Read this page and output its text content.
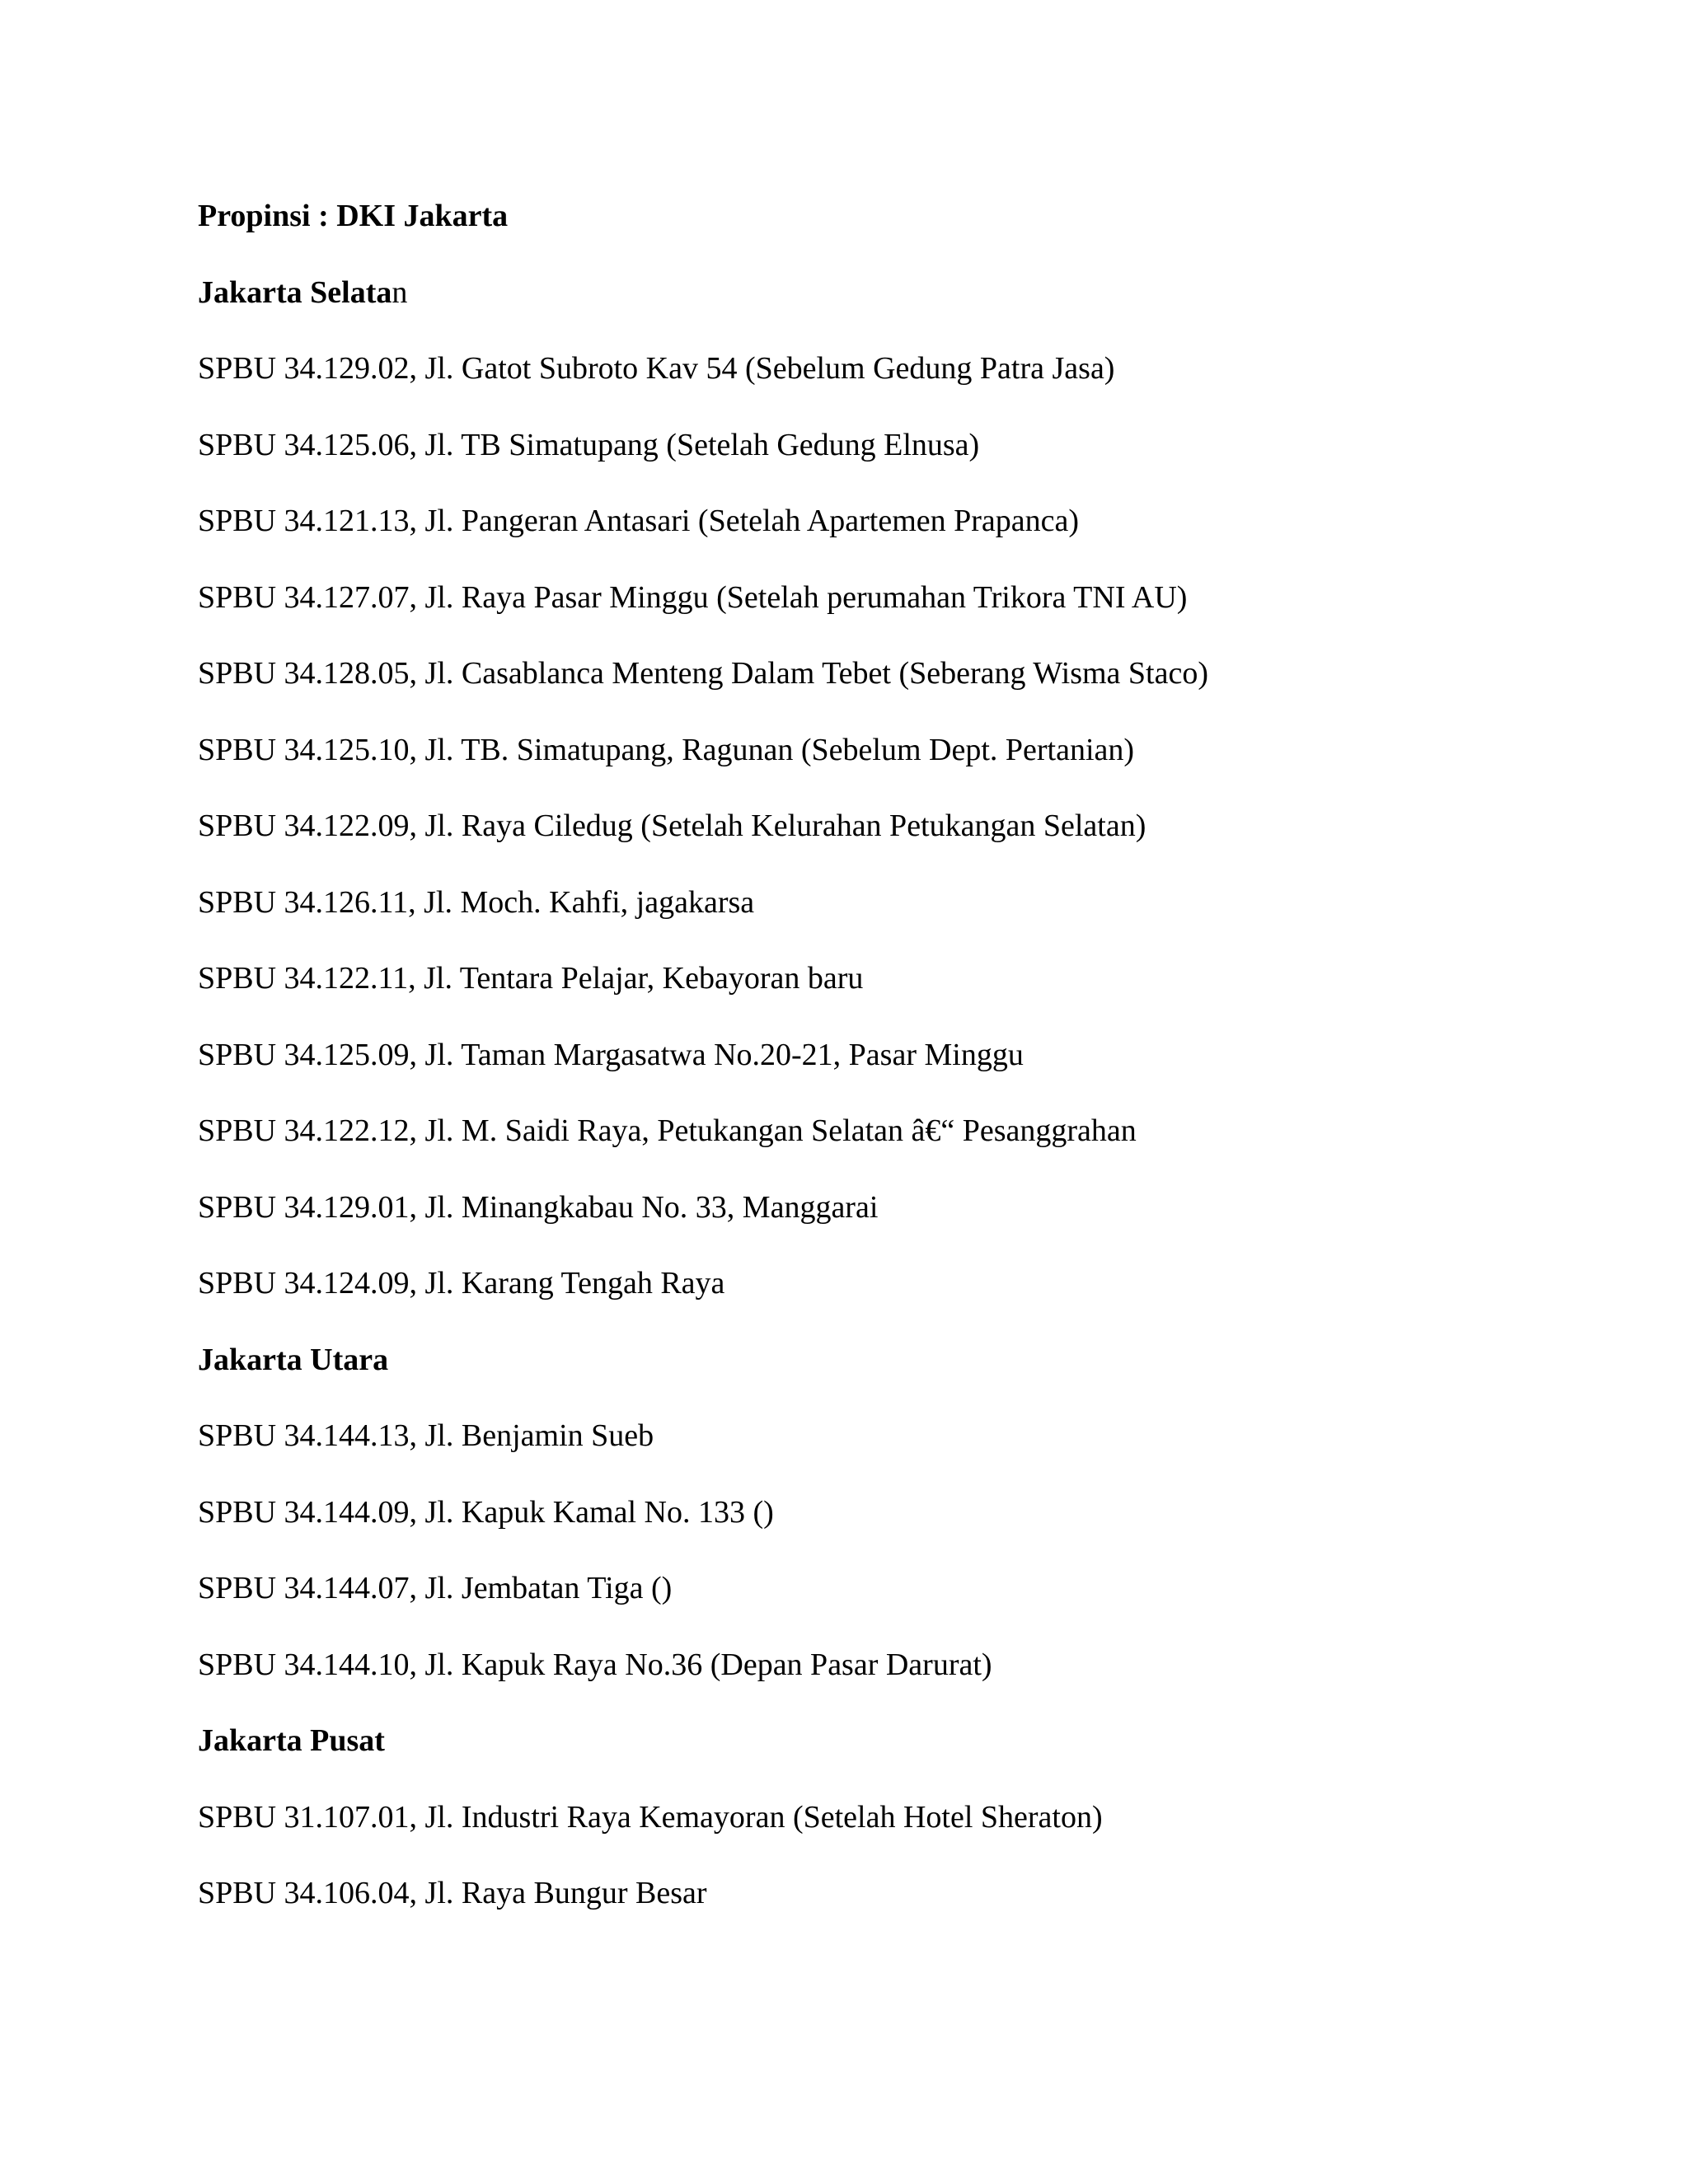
Propinsi : DKI Jakarta
Jakarta Selatan
SPBU 34.129.02, Jl. Gatot Subroto Kav 54 (Sebelum Gedung Patra Jasa)
SPBU 34.125.06, Jl. TB Simatupang (Setelah Gedung Elnusa)
SPBU 34.121.13, Jl. Pangeran Antasari (Setelah Apartemen Prapanca)
SPBU 34.127.07, Jl. Raya Pasar Minggu (Setelah perumahan Trikora TNI AU)
SPBU 34.128.05, Jl. Casablanca Menteng Dalam Tebet (Seberang Wisma Staco)
SPBU 34.125.10, Jl. TB. Simatupang, Ragunan (Sebelum Dept. Pertanian)
SPBU 34.122.09, Jl. Raya Ciledug (Setelah Kelurahan Petukangan Selatan)
SPBU 34.126.11, Jl. Moch. Kahfi, jagakarsa
SPBU 34.122.11, Jl. Tentara Pelajar, Kebayoran baru
SPBU 34.125.09, Jl. Taman Margasatwa No.20-21, Pasar Minggu
SPBU 34.122.12, Jl. M. Saidi Raya, Petukangan Selatan â€“ Pesanggrahan
SPBU 34.129.01, Jl. Minangkabau No. 33, Manggarai
SPBU 34.124.09, Jl. Karang Tengah Raya
Jakarta Utara
SPBU 34.144.13, Jl. Benjamin Sueb
SPBU 34.144.09, Jl. Kapuk Kamal No. 133 ()
SPBU 34.144.07, Jl. Jembatan Tiga ()
SPBU 34.144.10, Jl. Kapuk Raya No.36 (Depan Pasar Darurat)
Jakarta Pusat
SPBU 31.107.01, Jl. Industri Raya Kemayoran (Setelah Hotel Sheraton)
SPBU 34.106.04, Jl. Raya Bungur Besar
